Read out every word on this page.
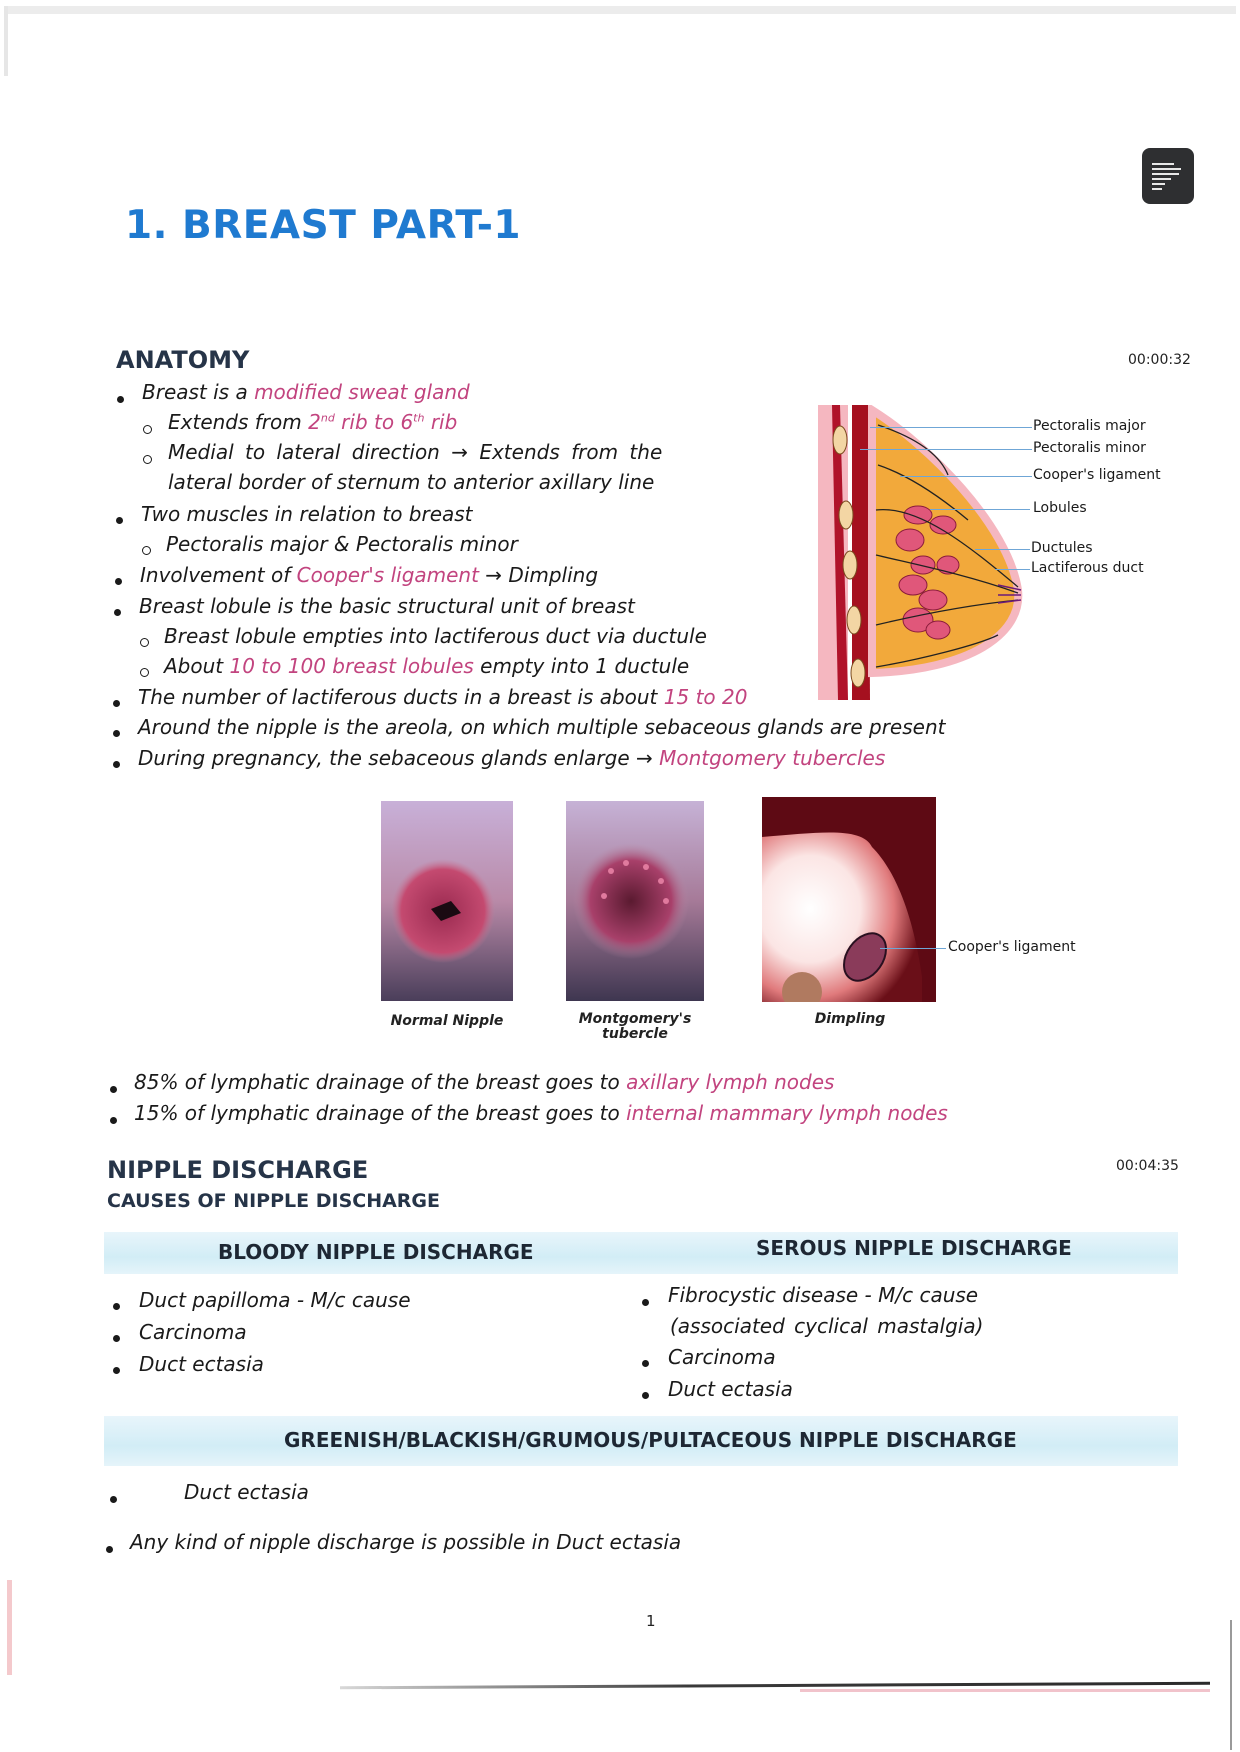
1. BREAST PART-1
ANATOMY	00:00:32
Breast is a modified sweat gland
Extends from 2nd rib to 6th rib
Medial to lateral direction → Extends from the
lateral border of sternum to anterior axillary line
Two muscles in relation to breast
Pectoralis major & Pectoralis minor
Involvement of Cooper's ligament → Dimpling
Breast lobule is the basic structural unit of breast
Breast lobule empties into lactiferous duct via ductule
About 10 to 100 breast lobules empty into 1 ductule
The number of lactiferous ducts in a breast is about 15 to 20
Around the nipple is the areola, on which multiple sebaceous glands are present
During pregnancy, the sebaceous glands enlarge → Montgomery tubercles
Pectoralis major
Pectoralis minor
Cooper's ligament
Lobules
Ductules
Lactiferous duct
Cooper's ligament
Normal Nipple	Montgomery's tubercle
Dimpling
85% of lymphatic drainage of the breast goes to axillary lymph nodes
15% of lymphatic drainage of the breast goes to internal mammary lymph nodes
NIPPLE DISCHARGE	00:04:35
CAUSES OF NIPPLE DISCHARGE
BLOODY NIPPLE DISCHARGE	SEROUS NIPPLE DISCHARGE
Duct papilloma - M/c cause
Carcinoma
Duct ectasia
Fibrocystic disease - M/c cause
(associated cyclical mastalgia)
Carcinoma
Duct ectasia
GREENISH/BLACKISH/GRUMOUS/PULTACEOUS NIPPLE DISCHARGE
Duct ectasia
Any kind of nipple discharge is possible in Duct ectasia
1
